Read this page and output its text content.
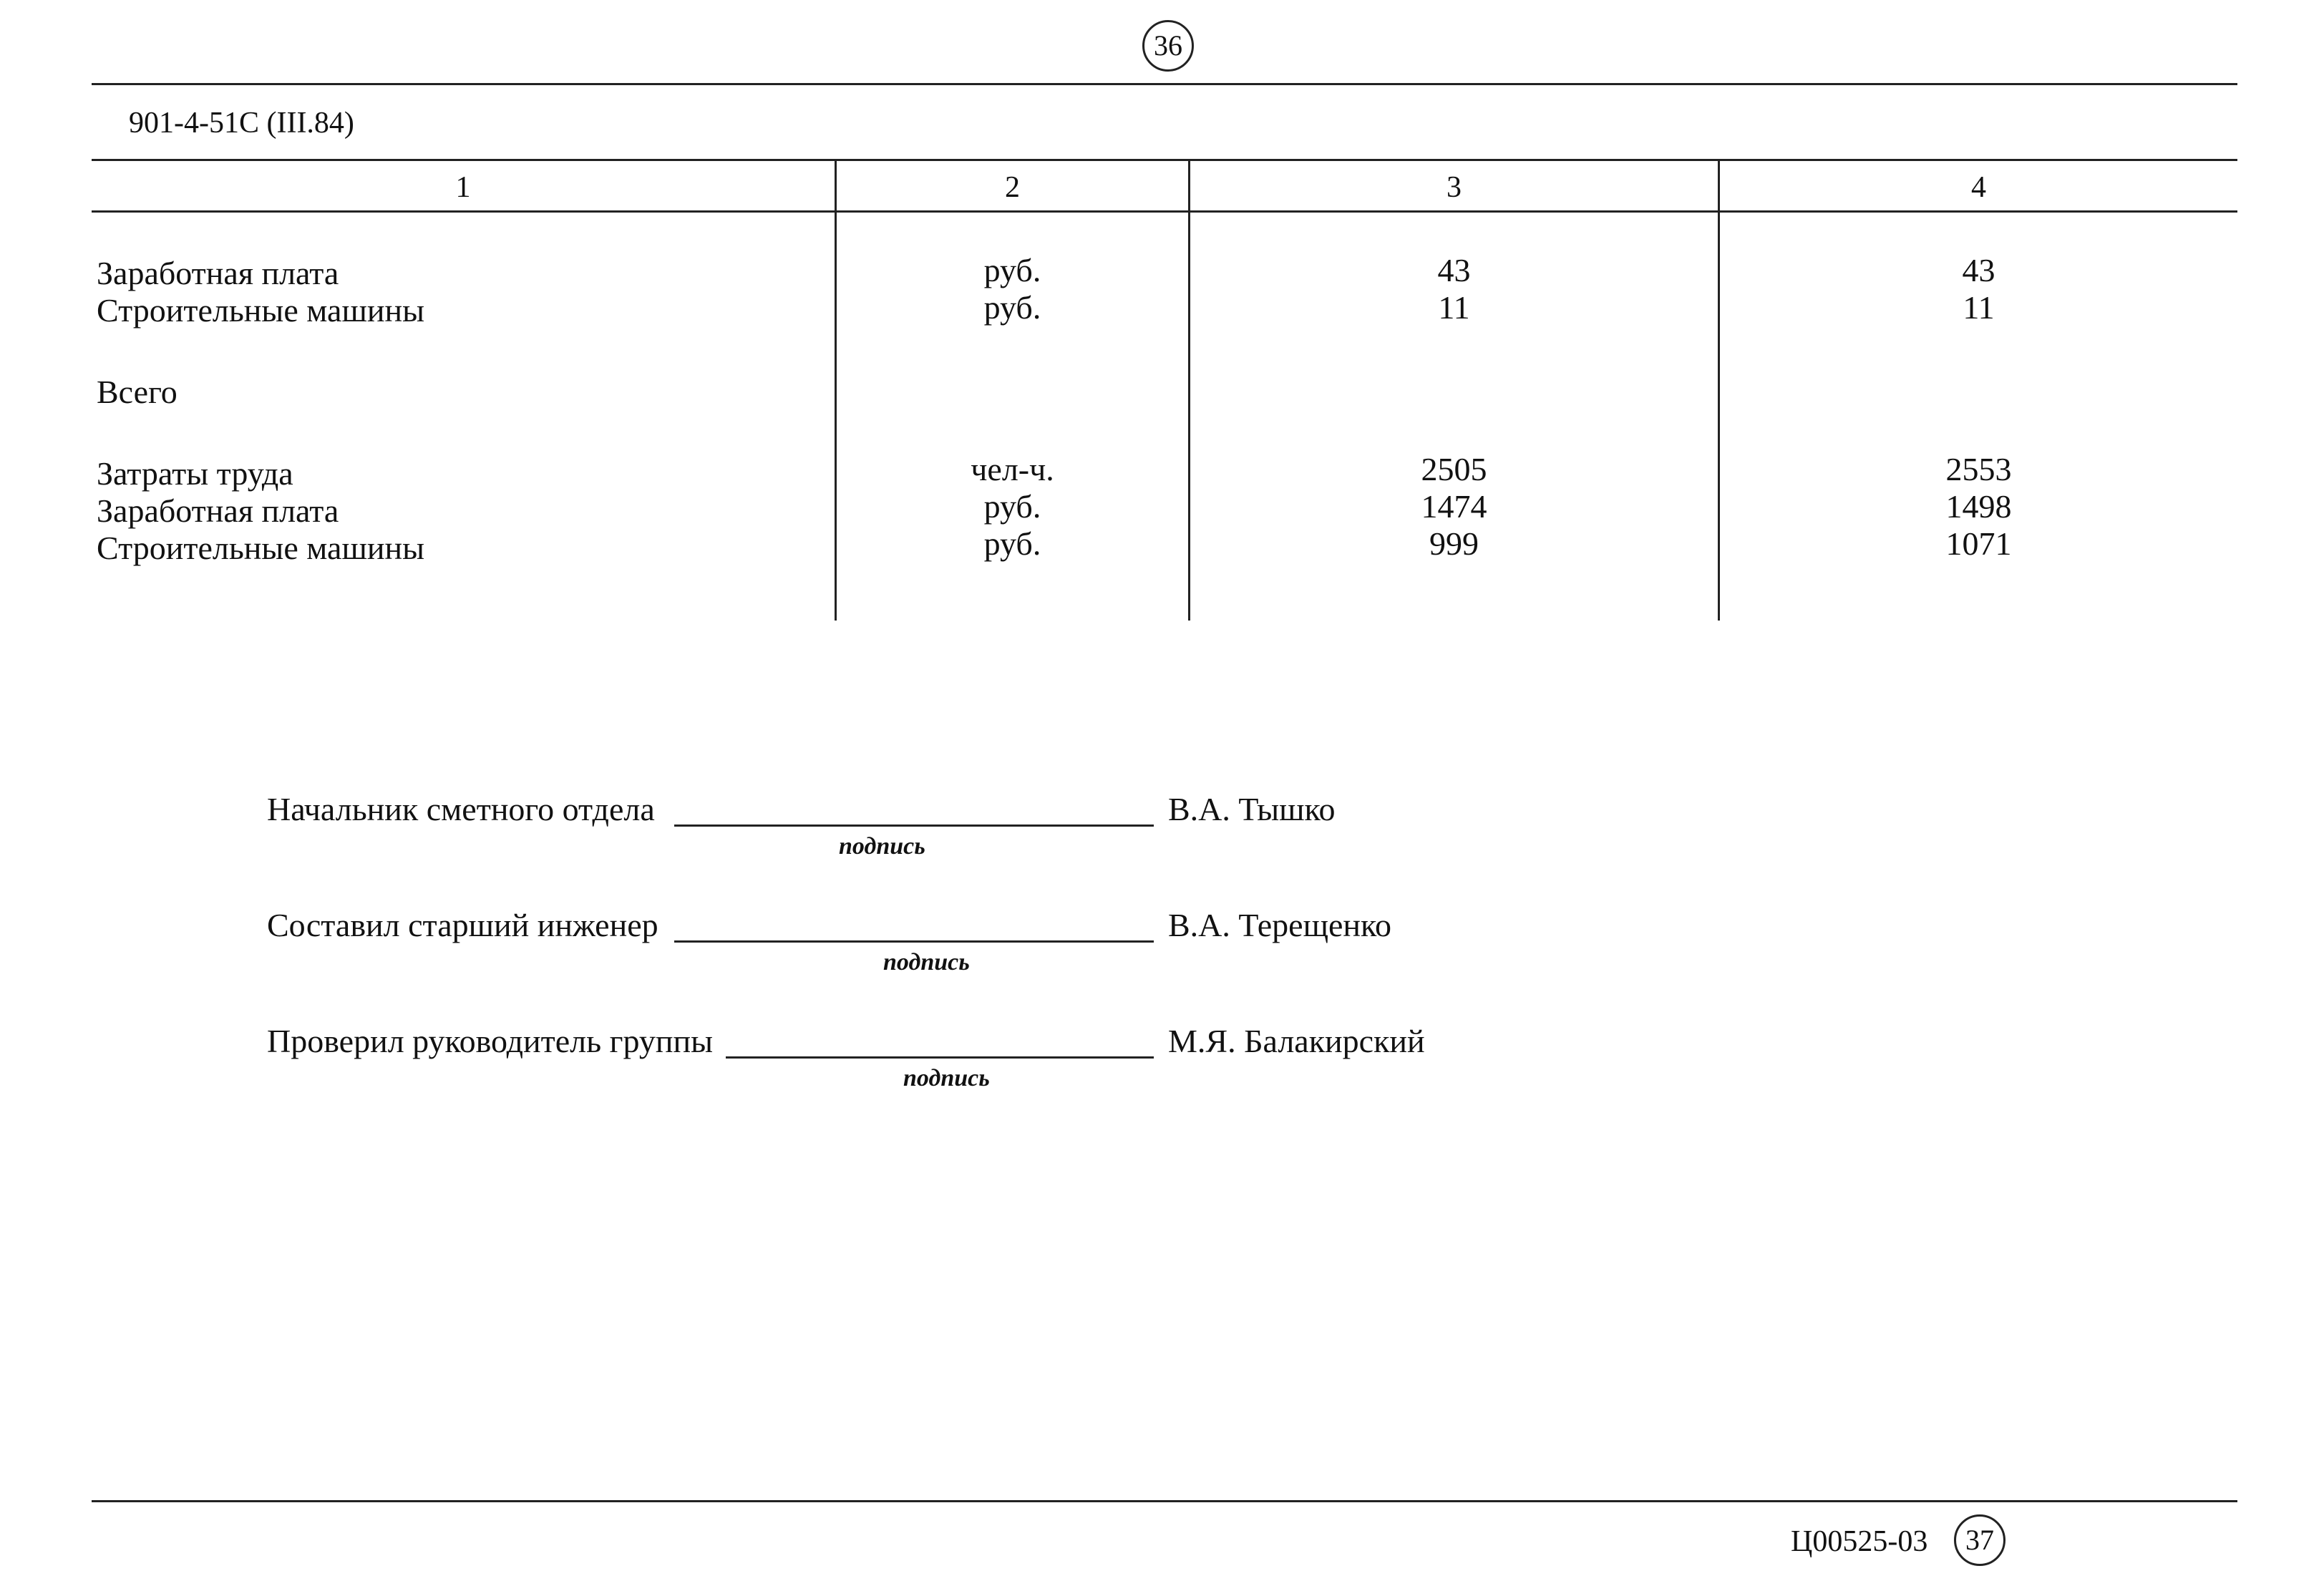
36
901-4-51С (III.84)
1	2	3	4
Заработная плата	руб.	43	43
Строительные машины	руб.	11	11
Всего
Затраты труда	чел-ч.	2505	2553
Заработная плата	руб.	1474	1498
Строительные машины	руб.	999	1071
Начальник сметного отдела
подпись
В.А. Тышко
Составил старший инженер
подпись
В.А. Терещенко
Проверил руководитель группы
подпись
М.Я. Балакирский
Ц00525-03	37
